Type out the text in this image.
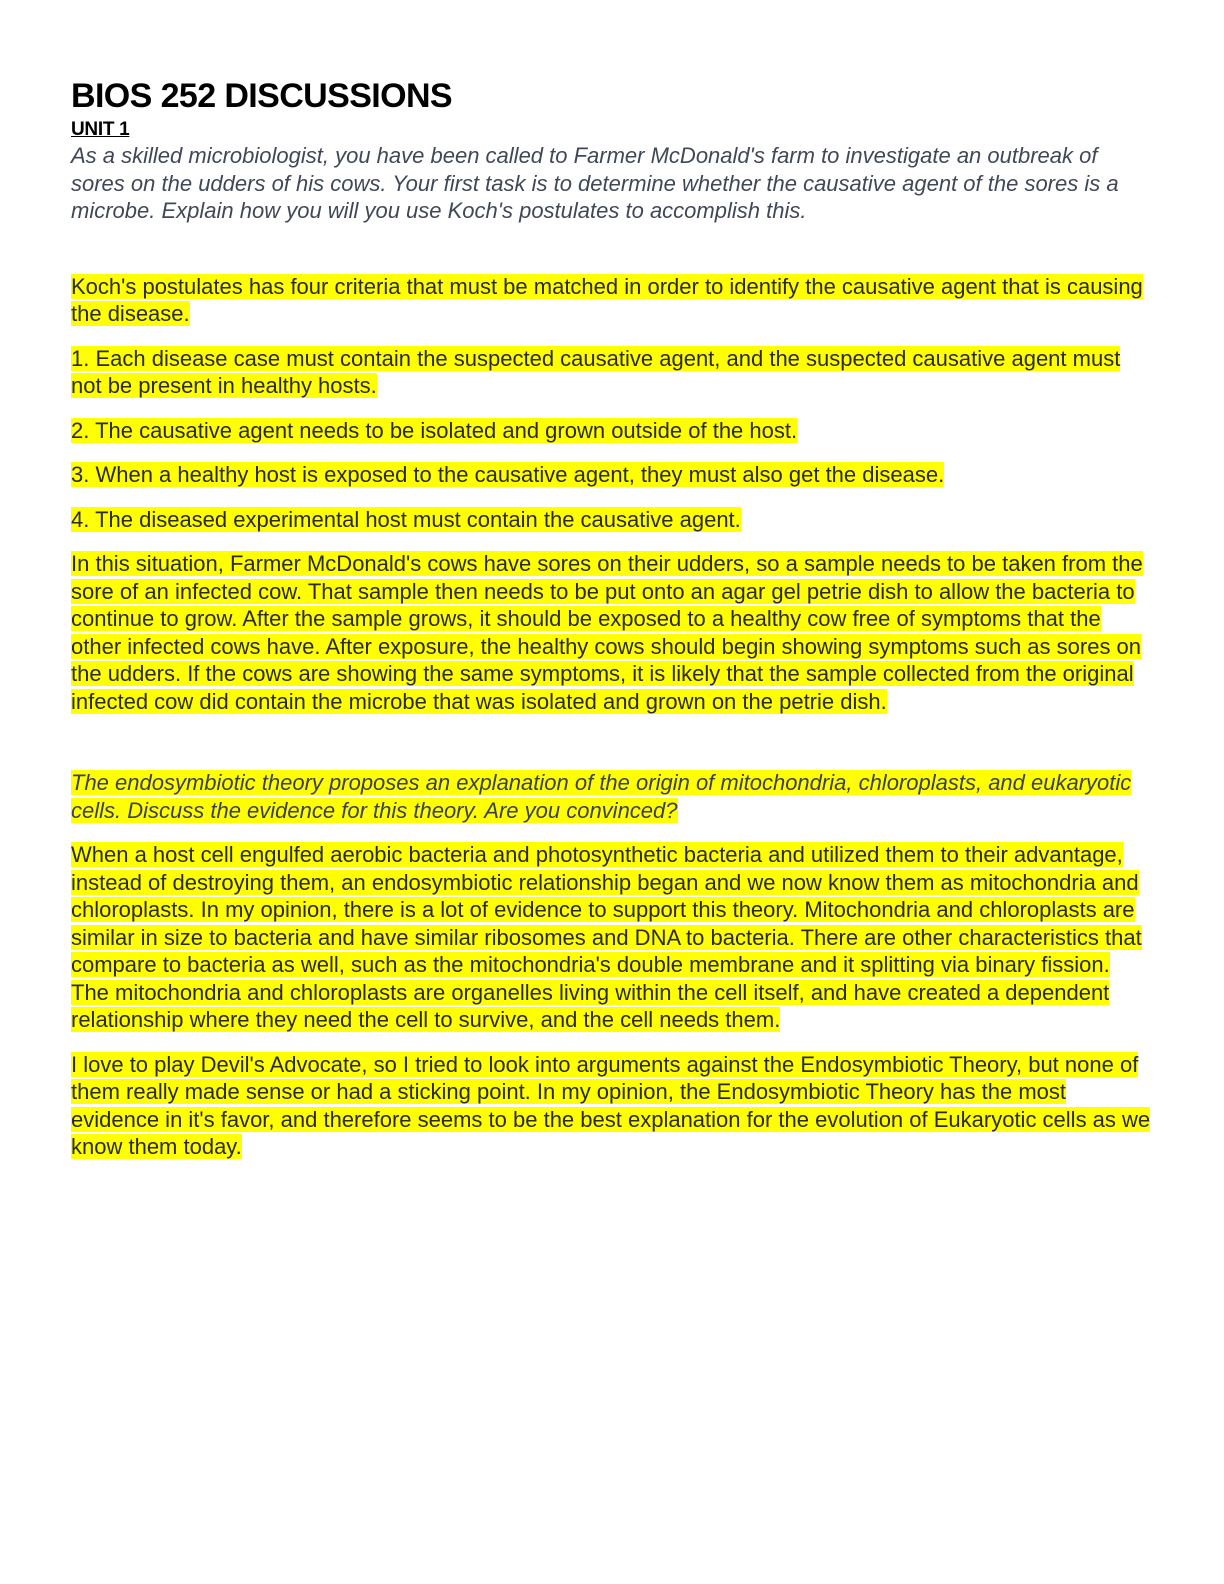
BIOS 252 DISCUSSIONS

UNIT 1

As a skilled microbiologist, you have been called to Farmer McDonald's farm to investigate an outbreak of sores on the udders of his cows. Your first task is to determine whether the causative agent of the sores is a microbe. Explain how you will you use Koch's postulates to accomplish this.

Koch's postulates has four criteria that must be matched in order to identify the causative agent that is causing the disease.

1. Each disease case must contain the suspected causative agent, and the suspected causative agent must not be present in healthy hosts.

2. The causative agent needs to be isolated and grown outside of the host.

3. When a healthy host is exposed to the causative agent, they must also get the disease.

4. The diseased experimental host must contain the causative agent.

In this situation, Farmer McDonald's cows have sores on their udders, so a sample needs to be taken from the sore of an infected cow. That sample then needs to be put onto an agar gel petrie dish to allow the bacteria to continue to grow. After the sample grows, it should be exposed to a healthy cow free of symptoms that the other infected cows have. After exposure, the healthy cows should begin showing symptoms such as sores on the udders. If the cows are showing the same symptoms, it is likely that the sample collected from the original infected cow did contain the microbe that was isolated and grown on the petrie dish.

The endosymbiotic theory proposes an explanation of the origin of mitochondria, chloroplasts, and eukaryotic cells. Discuss the evidence for this theory. Are you convinced?

When a host cell engulfed aerobic bacteria and photosynthetic bacteria and utilized them to their advantage, instead of destroying them, an endosymbiotic relationship began and we now know them as mitochondria and chloroplasts. In my opinion, there is a lot of evidence to support this theory. Mitochondria and chloroplasts are similar in size to bacteria and have similar ribosomes and DNA to bacteria. There are other characteristics that compare to bacteria as well, such as the mitochondria's double membrane and it splitting via binary fission. The mitochondria and chloroplasts are organelles living within the cell itself, and have created a dependent relationship where they need the cell to survive, and the cell needs them.

I love to play Devil's Advocate, so I tried to look into arguments against the Endosymbiotic Theory, but none of them really made sense or had a sticking point. In my opinion, the Endosymbiotic Theory has the most evidence in it's favor, and therefore seems to be the best explanation for the evolution of Eukaryotic cells as we know them today.
